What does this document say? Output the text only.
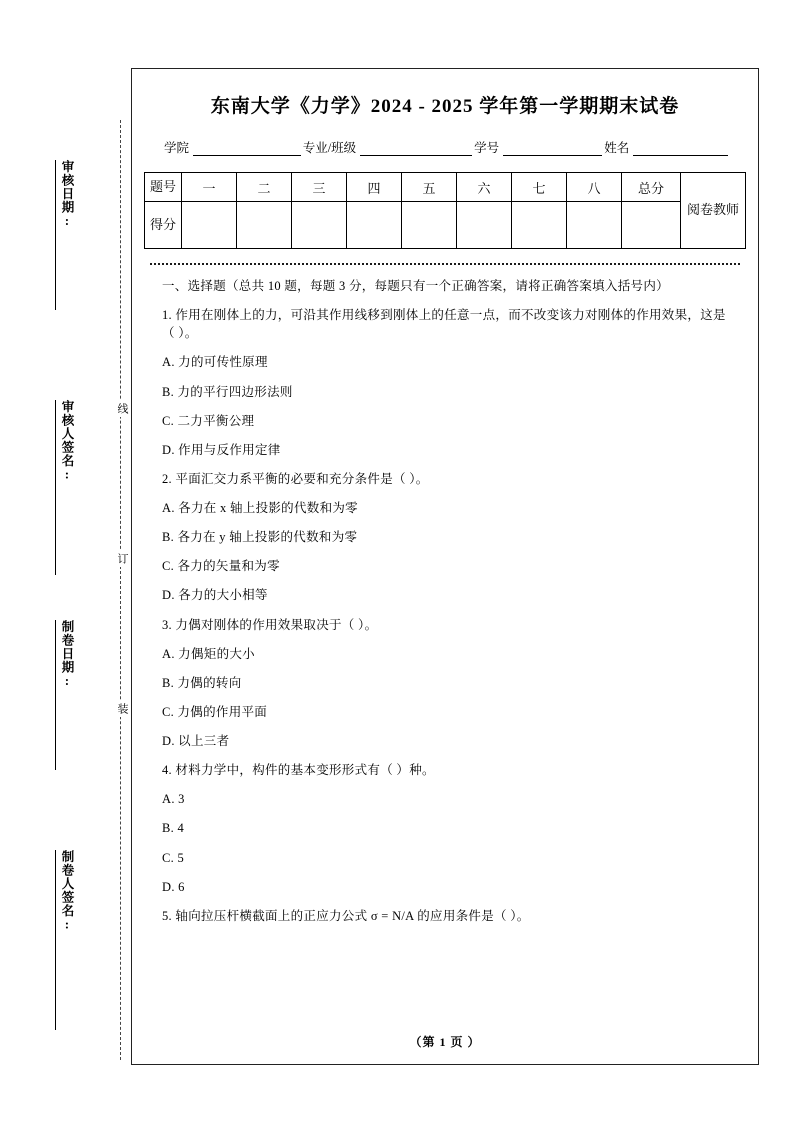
审核日期:
审核人签名:
制卷日期:
制卷人签名:
线
订
装
东南大学《力学》2024 - 2025 学年第一学期期末试卷
学院	专业/班级	学号	姓名
题号	一	二	三	四	五	六	七	八	总分	阅卷教师
得分										
一、选择题（总共 10 题，每题 3 分，每题只有一个正确答案，请将正确答案填入括号内）
1. 作用在刚体上的力，可沿其作用线移到刚体上的任意一点，而不改变该力对刚体的作用效果，这是（ ）。
A. 力的可传性原理
B. 力的平行四边形法则
C. 二力平衡公理
D. 作用与反作用定律
2. 平面汇交力系平衡的必要和充分条件是（ ）。
A. 各力在 x 轴上投影的代数和为零
B. 各力在 y 轴上投影的代数和为零
C. 各力的矢量和为零
D. 各力的大小相等
3. 力偶对刚体的作用效果取决于（ ）。
A. 力偶矩的大小
B. 力偶的转向
C. 力偶的作用平面
D. 以上三者
4. 材料力学中，构件的基本变形形式有（ ）种。
A. 3
B. 4
C. 5
D. 6
5. 轴向拉压杆横截面上的正应力公式 σ = N/A 的应用条件是（ ）。
（第 1 页 ）
